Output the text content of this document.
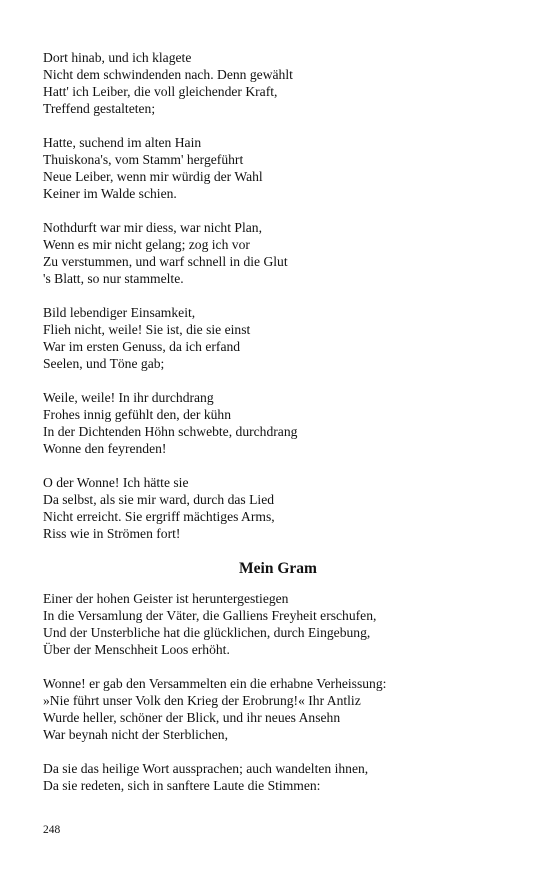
Dort hinab, und ich klagete
Nicht dem schwindenden nach. Denn gewählt
Hatt' ich Leiber, die voll gleichender Kraft,
Treffend gestalteten;
Hatte, suchend im alten Hain
Thuiskona's, vom Stamm' hergeführt
Neue Leiber, wenn mir würdig der Wahl
Keiner im Walde schien.
Nothdurft war mir diess, war nicht Plan,
Wenn es mir nicht gelang; zog ich vor
Zu verstummen, und warf schnell in die Glut
's Blatt, so nur stammelte.
Bild lebendiger Einsamkeit,
Flieh nicht, weile! Sie ist, die sie einst
War im ersten Genuss, da ich erfand
Seelen, und Töne gab;
Weile, weile! In ihr durchdrang
Frohes innig gefühlt den, der kühn
In der Dichtenden Höhn schwebte, durchdrang
Wonne den feyrenden!
O der Wonne! Ich hätte sie
Da selbst, als sie mir ward, durch das Lied
Nicht erreicht. Sie ergriff mächtiges Arms,
Riss wie in Strömen fort!
Mein Gram
Einer der hohen Geister ist heruntergestiegen
In die Versamlung der Väter, die Galliens Freyheit erschufen,
Und der Unsterbliche hat die glücklichen, durch Eingebung,
Über der Menschheit Loos erhöht.
Wonne! er gab den Versammelten ein die erhabne Verheissung:
»Nie führt unser Volk den Krieg der Erobrung!« Ihr Antliz
Wurde heller, schöner der Blick, und ihr neues Ansehn
War beynah nicht der Sterblichen,
Da sie das heilige Wort aussprachen; auch wandelten ihnen,
Da sie redeten, sich in sanftere Laute die Stimmen:
248
